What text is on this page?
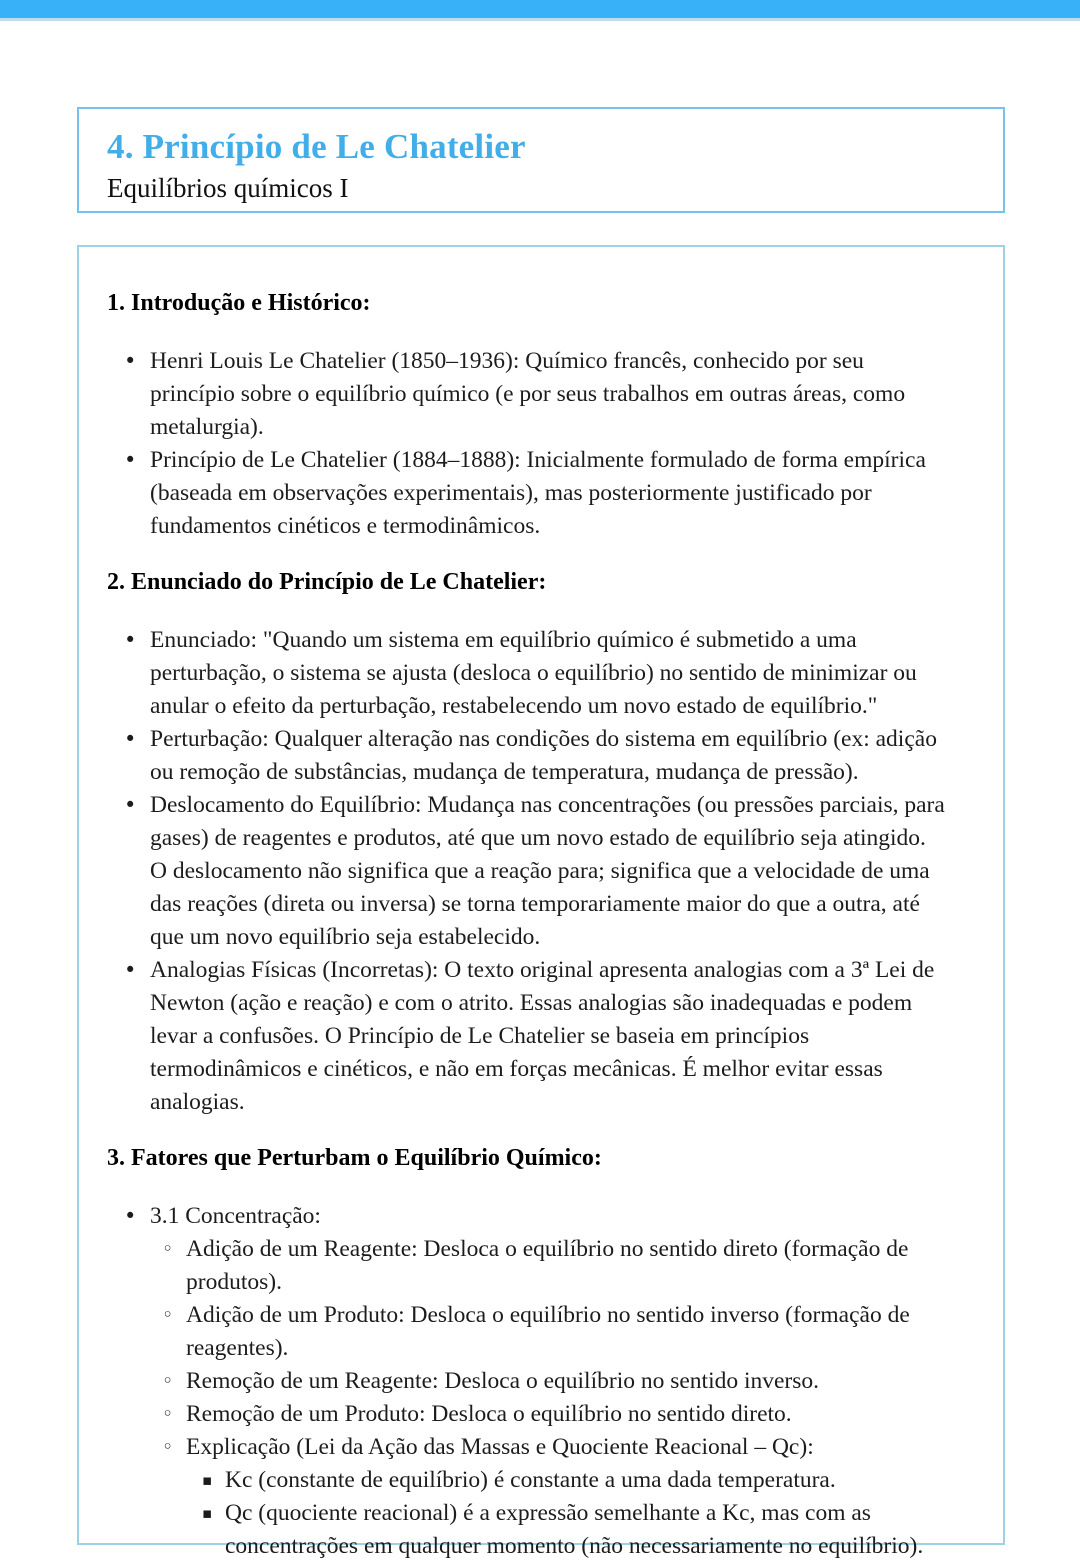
4. Princípio de Le Chatelier
Equilíbrios químicos I
1. Introdução e Histórico:
• Henri Louis Le Chatelier (1850–1936): Químico francês, conhecido por seu princípio sobre o equilíbrio químico (e por seus trabalhos em outras áreas, como metalurgia).
• Princípio de Le Chatelier (1884–1888): Inicialmente formulado de forma empírica (baseada em observações experimentais), mas posteriormente justificado por fundamentos cinéticos e termodinâmicos.
2. Enunciado do Princípio de Le Chatelier:
• Enunciado: "Quando um sistema em equilíbrio químico é submetido a uma perturbação, o sistema se ajusta (desloca o equilíbrio) no sentido de minimizar ou anular o efeito da perturbação, restabelecendo um novo estado de equilíbrio."
• Perturbação: Qualquer alteração nas condições do sistema em equilíbrio (ex: adição ou remoção de substâncias, mudança de temperatura, mudança de pressão).
• Deslocamento do Equilíbrio: Mudança nas concentrações (ou pressões parciais, para gases) de reagentes e produtos, até que um novo estado de equilíbrio seja atingido. O deslocamento não significa que a reação para; significa que a velocidade de uma das reações (direta ou inversa) se torna temporariamente maior do que a outra, até que um novo equilíbrio seja estabelecido.
• Analogias Físicas (Incorretas): O texto original apresenta analogias com a 3ª Lei de Newton (ação e reação) e com o atrito. Essas analogias são inadequadas e podem levar a confusões. O Princípio de Le Chatelier se baseia em princípios termodinâmicos e cinéticos, e não em forças mecânicas. É melhor evitar essas analogias.
3. Fatores que Perturbam o Equilíbrio Químico:
• 3.1 Concentração:
◦ Adição de um Reagente: Desloca o equilíbrio no sentido direto (formação de produtos).
◦ Adição de um Produto: Desloca o equilíbrio no sentido inverso (formação de reagentes).
◦ Remoção de um Reagente: Desloca o equilíbrio no sentido inverso.
◦ Remoção de um Produto: Desloca o equilíbrio no sentido direto.
◦ Explicação (Lei da Ação das Massas e Quociente Reacional – Qc):
▪ Kc (constante de equilíbrio) é constante a uma dada temperatura.
▪ Qc (quociente reacional) é a expressão semelhante a Kc, mas com as concentrações em qualquer momento (não necessariamente no equilíbrio).
